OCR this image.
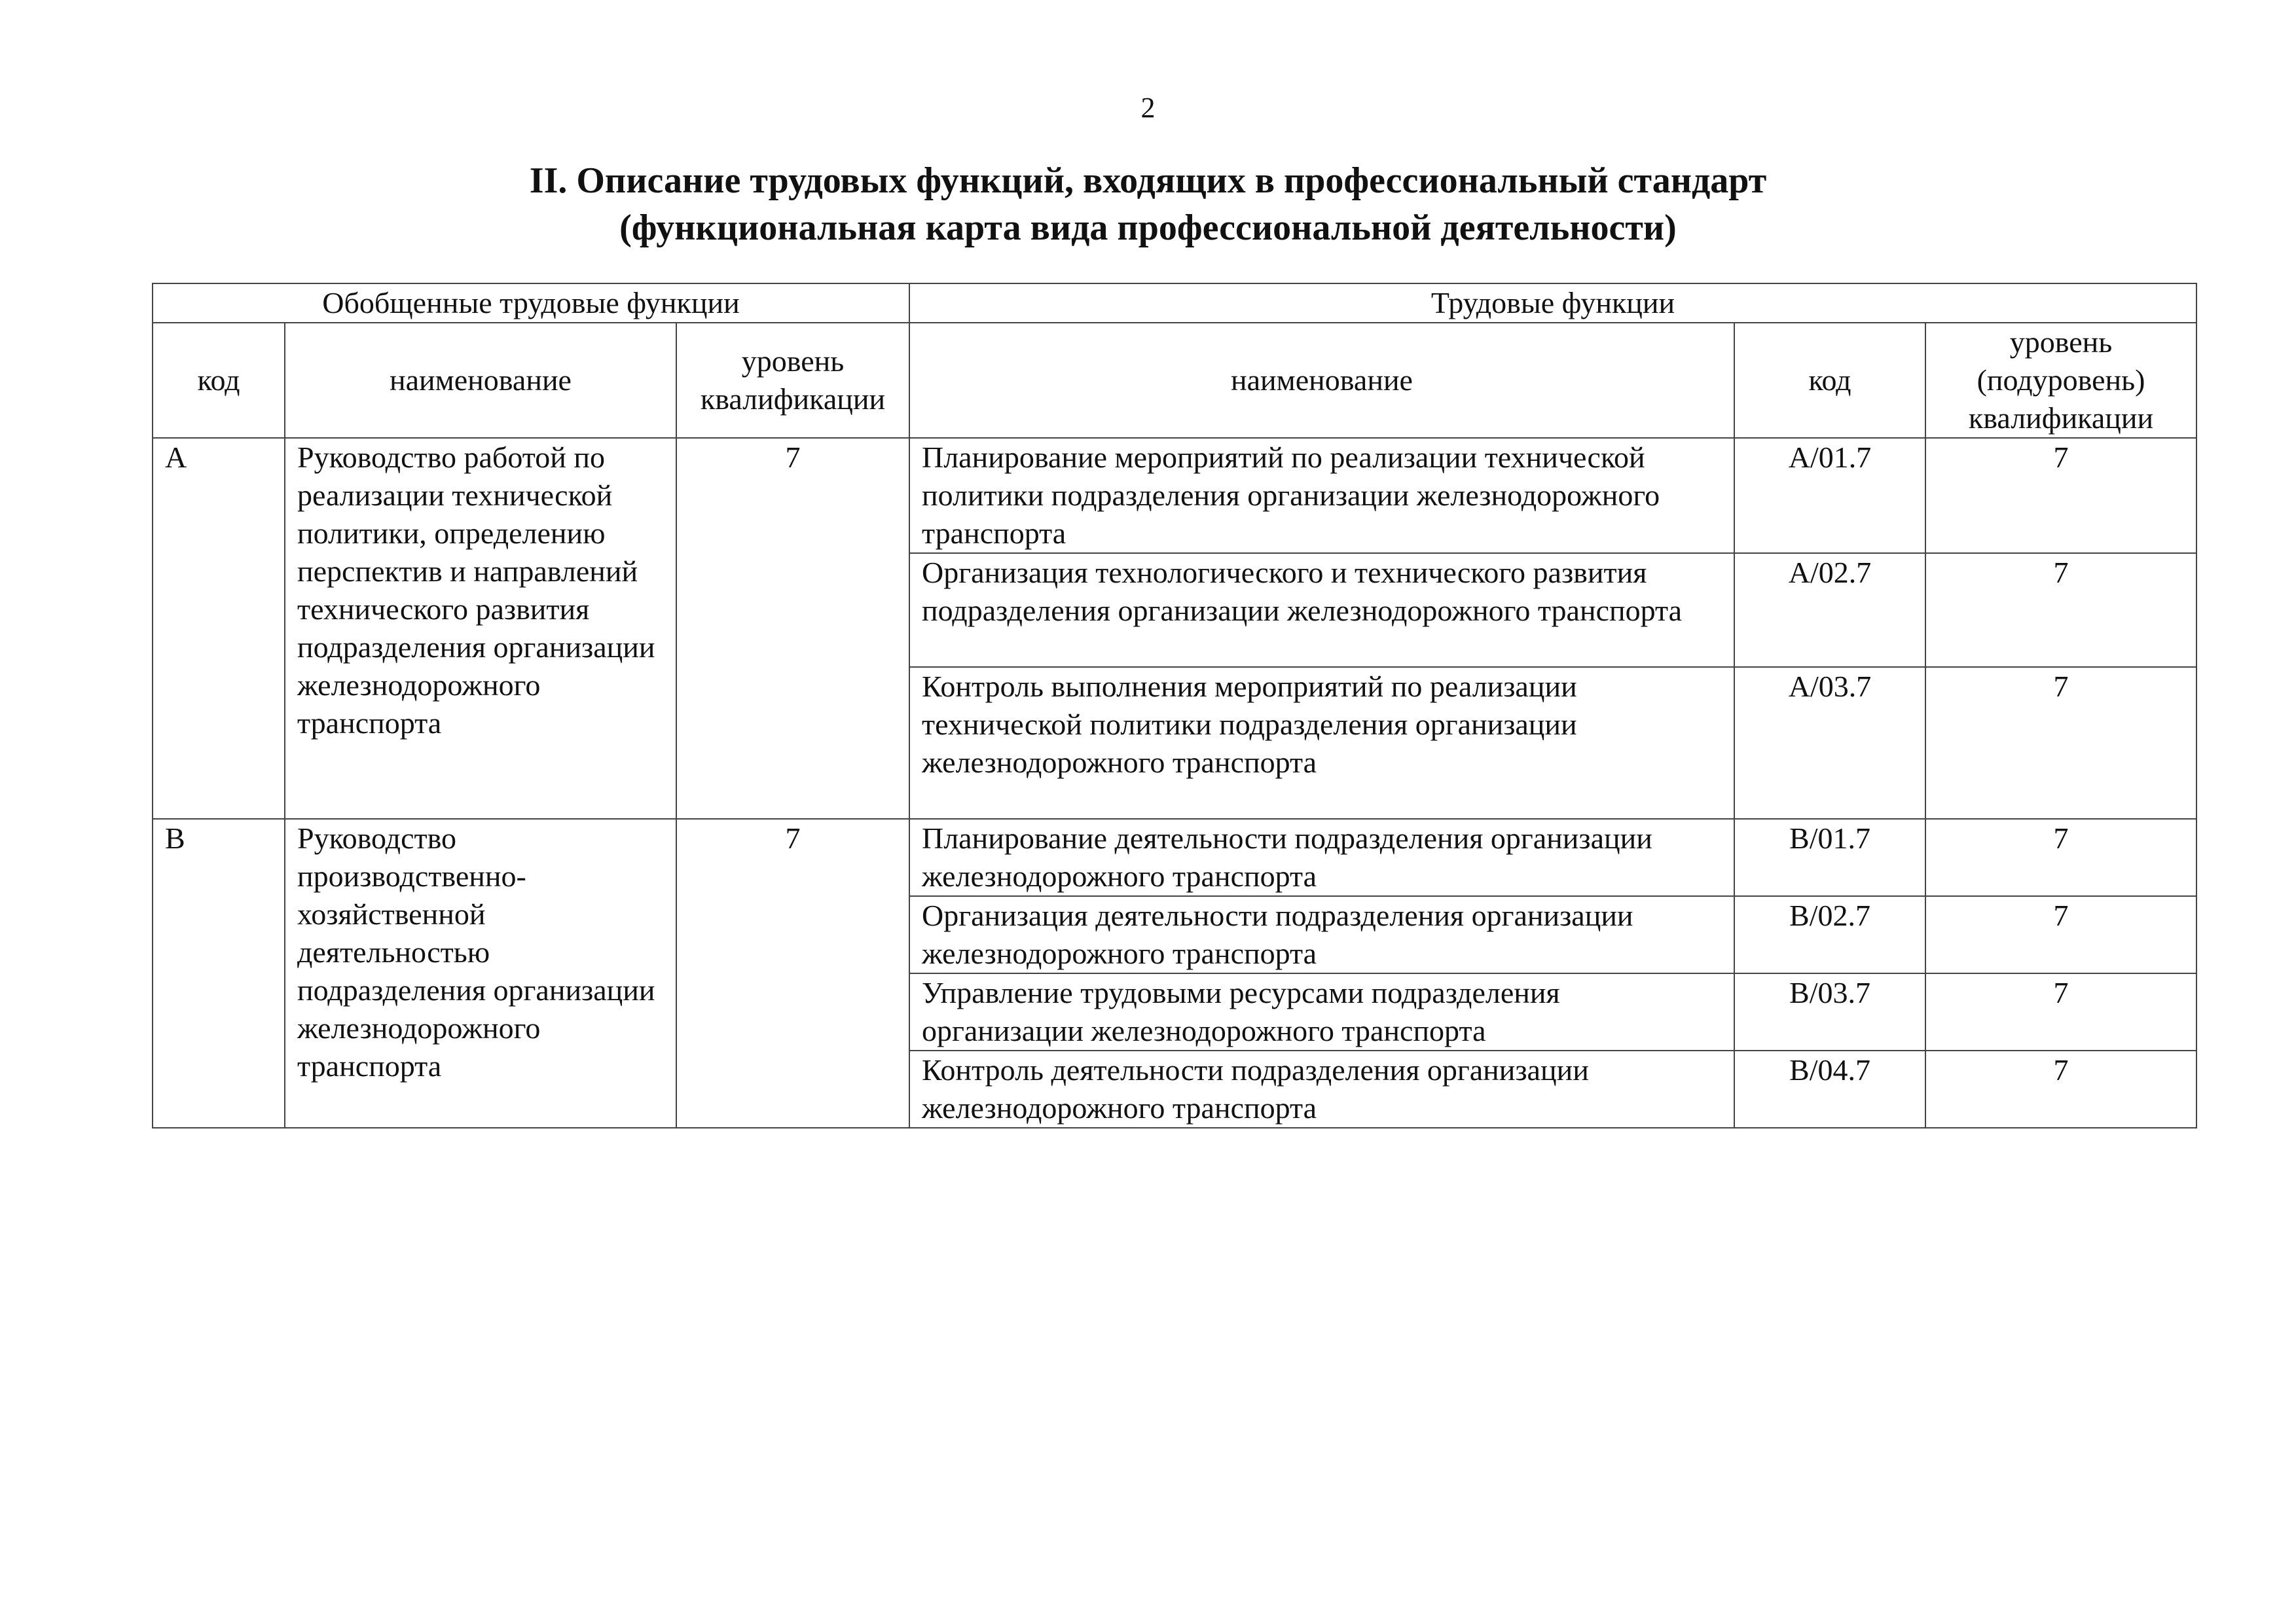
2
II. Описание трудовых функций, входящих в профессиональный стандарт
(функциональная карта вида профессиональной деятельности)
Обобщенные трудовые функции			Трудовые функции		
код	наименование	уровень квалификации	наименование	код	уровень (подуровень) квалификации
A	Руководство работой по реализации технической политики, определению перспектив и направлений технического развития подразделения организации железнодорожного транспорта	7	Планирование мероприятий по реализации технической политики подразделения организации железнодорожного транспорта	A/01.7	7
			Организация технологического и технического развития подразделения организации железнодорожного транспорта	A/02.7	7
			Контроль выполнения мероприятий по реализации технической политики подразделения организации железнодорожного транспорта	A/03.7	7
B	Руководство производственно-хозяйственной деятельностью подразделения организации железнодорожного транспорта	7	Планирование деятельности подразделения организации железнодорожного транспорта	B/01.7	7
			Организация деятельности подразделения организации железнодорожного транспорта	B/02.7	7
			Управление трудовыми ресурсами подразделения организации железнодорожного транспорта	B/03.7	7
			Контроль деятельности подразделения организации железнодорожного транспорта	B/04.7	7
